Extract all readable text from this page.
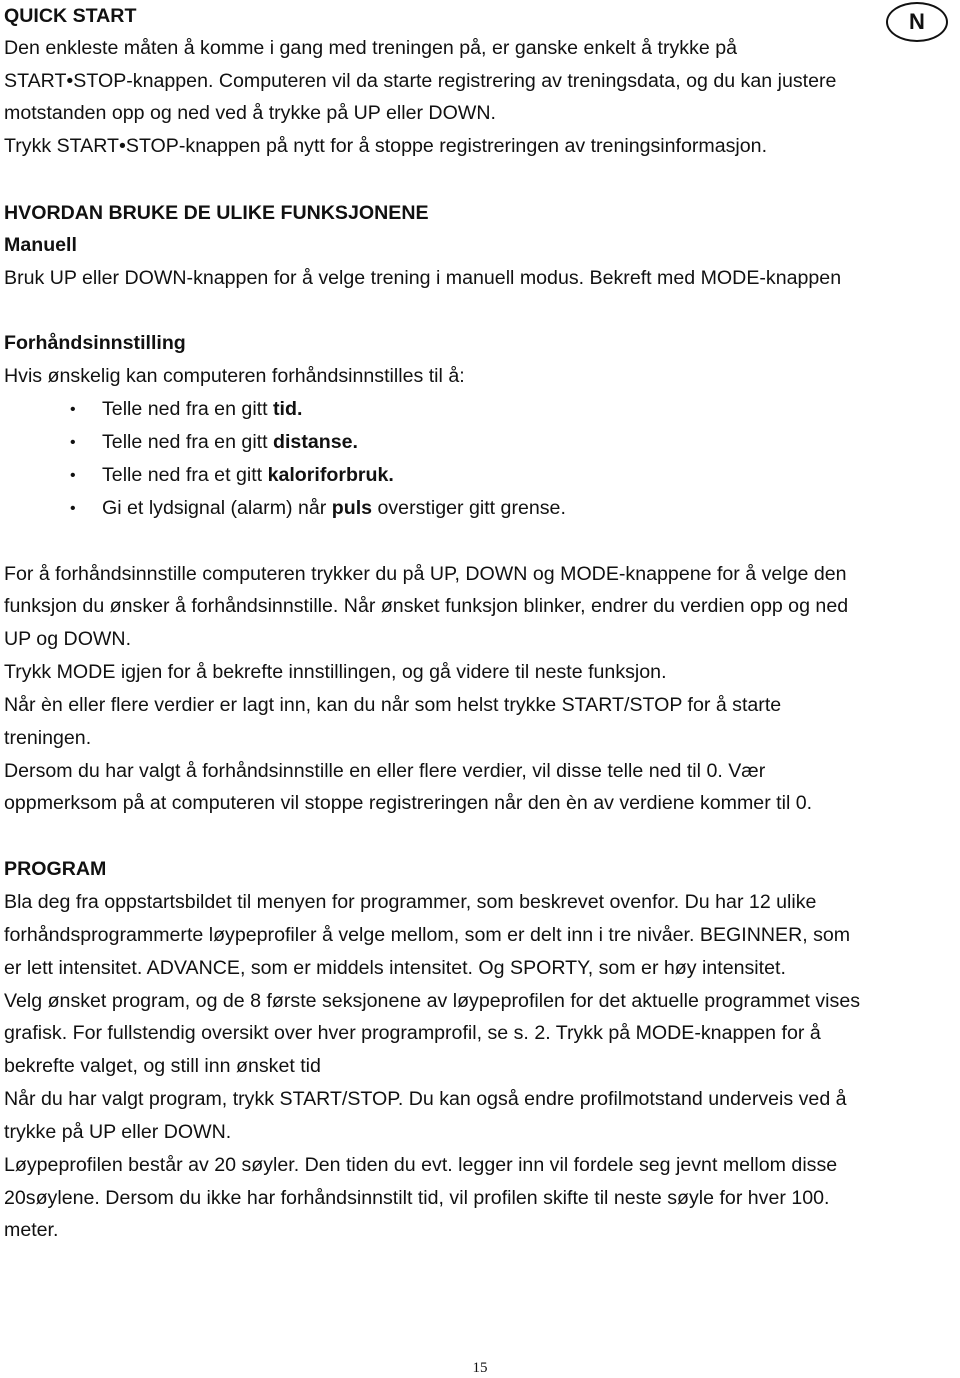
N
QUICK START
Den enkleste måten å komme i gang med treningen på, er ganske enkelt å trykke på
START•STOP-knappen. Computeren vil da starte registrering av treningsdata, og du kan justere
motstanden opp og ned ved å trykke på UP eller DOWN.
Trykk START•STOP-knappen på nytt for å stoppe registreringen av treningsinformasjon.
HVORDAN BRUKE DE ULIKE FUNKSJONENE
Manuell
Bruk UP eller DOWN-knappen for å velge trening i manuell modus. Bekreft med MODE-knappen
Forhåndsinnstilling
Hvis ønskelig kan computeren forhåndsinnstilles til å:
• Telle ned fra en gitt tid.
• Telle ned fra en gitt distanse.
• Telle ned fra et gitt kaloriforbruk.
• Gi et lydsignal (alarm) når puls overstiger gitt grense.
For å forhåndsinnstille computeren trykker du på UP, DOWN og MODE-knappene for å velge den
funksjon du ønsker å forhåndsinnstille. Når ønsket funksjon blinker, endrer du verdien opp og ned
UP og DOWN.
Trykk MODE igjen for å bekrefte innstillingen, og gå videre til neste funksjon.
Når èn eller flere verdier er lagt inn, kan du når som helst trykke START/STOP for å starte
treningen.
Dersom du har valgt å forhåndsinnstille en eller flere verdier, vil disse telle ned til 0. Vær
oppmerksom på at computeren vil stoppe registreringen når den èn av verdiene kommer til 0.
PROGRAM
Bla deg fra oppstartsbildet til menyen for programmer, som beskrevet ovenfor. Du har 12 ulike
forhåndsprogrammerte løypeprofiler å velge mellom, som er delt inn i tre nivåer. BEGINNER, som
er lett intensitet. ADVANCE, som er middels intensitet. Og SPORTY, som er høy intensitet.
Velg ønsket program, og de 8 første seksjonene av løypeprofilen for det aktuelle programmet vises
grafisk. For fullstendig oversikt over hver programprofil, se s. 2. Trykk på MODE-knappen for å
bekrefte valget, og still inn ønsket tid
Når du har valgt program, trykk START/STOP. Du kan også endre profilmotstand underveis ved å
trykke på UP eller DOWN.
Løypeprofilen består av 20 søyler. Den tiden du evt. legger inn vil fordele seg jevnt mellom disse
20søylene. Dersom du ikke har forhåndsinnstilt tid, vil profilen skifte til neste søyle for hver 100.
meter.
15
